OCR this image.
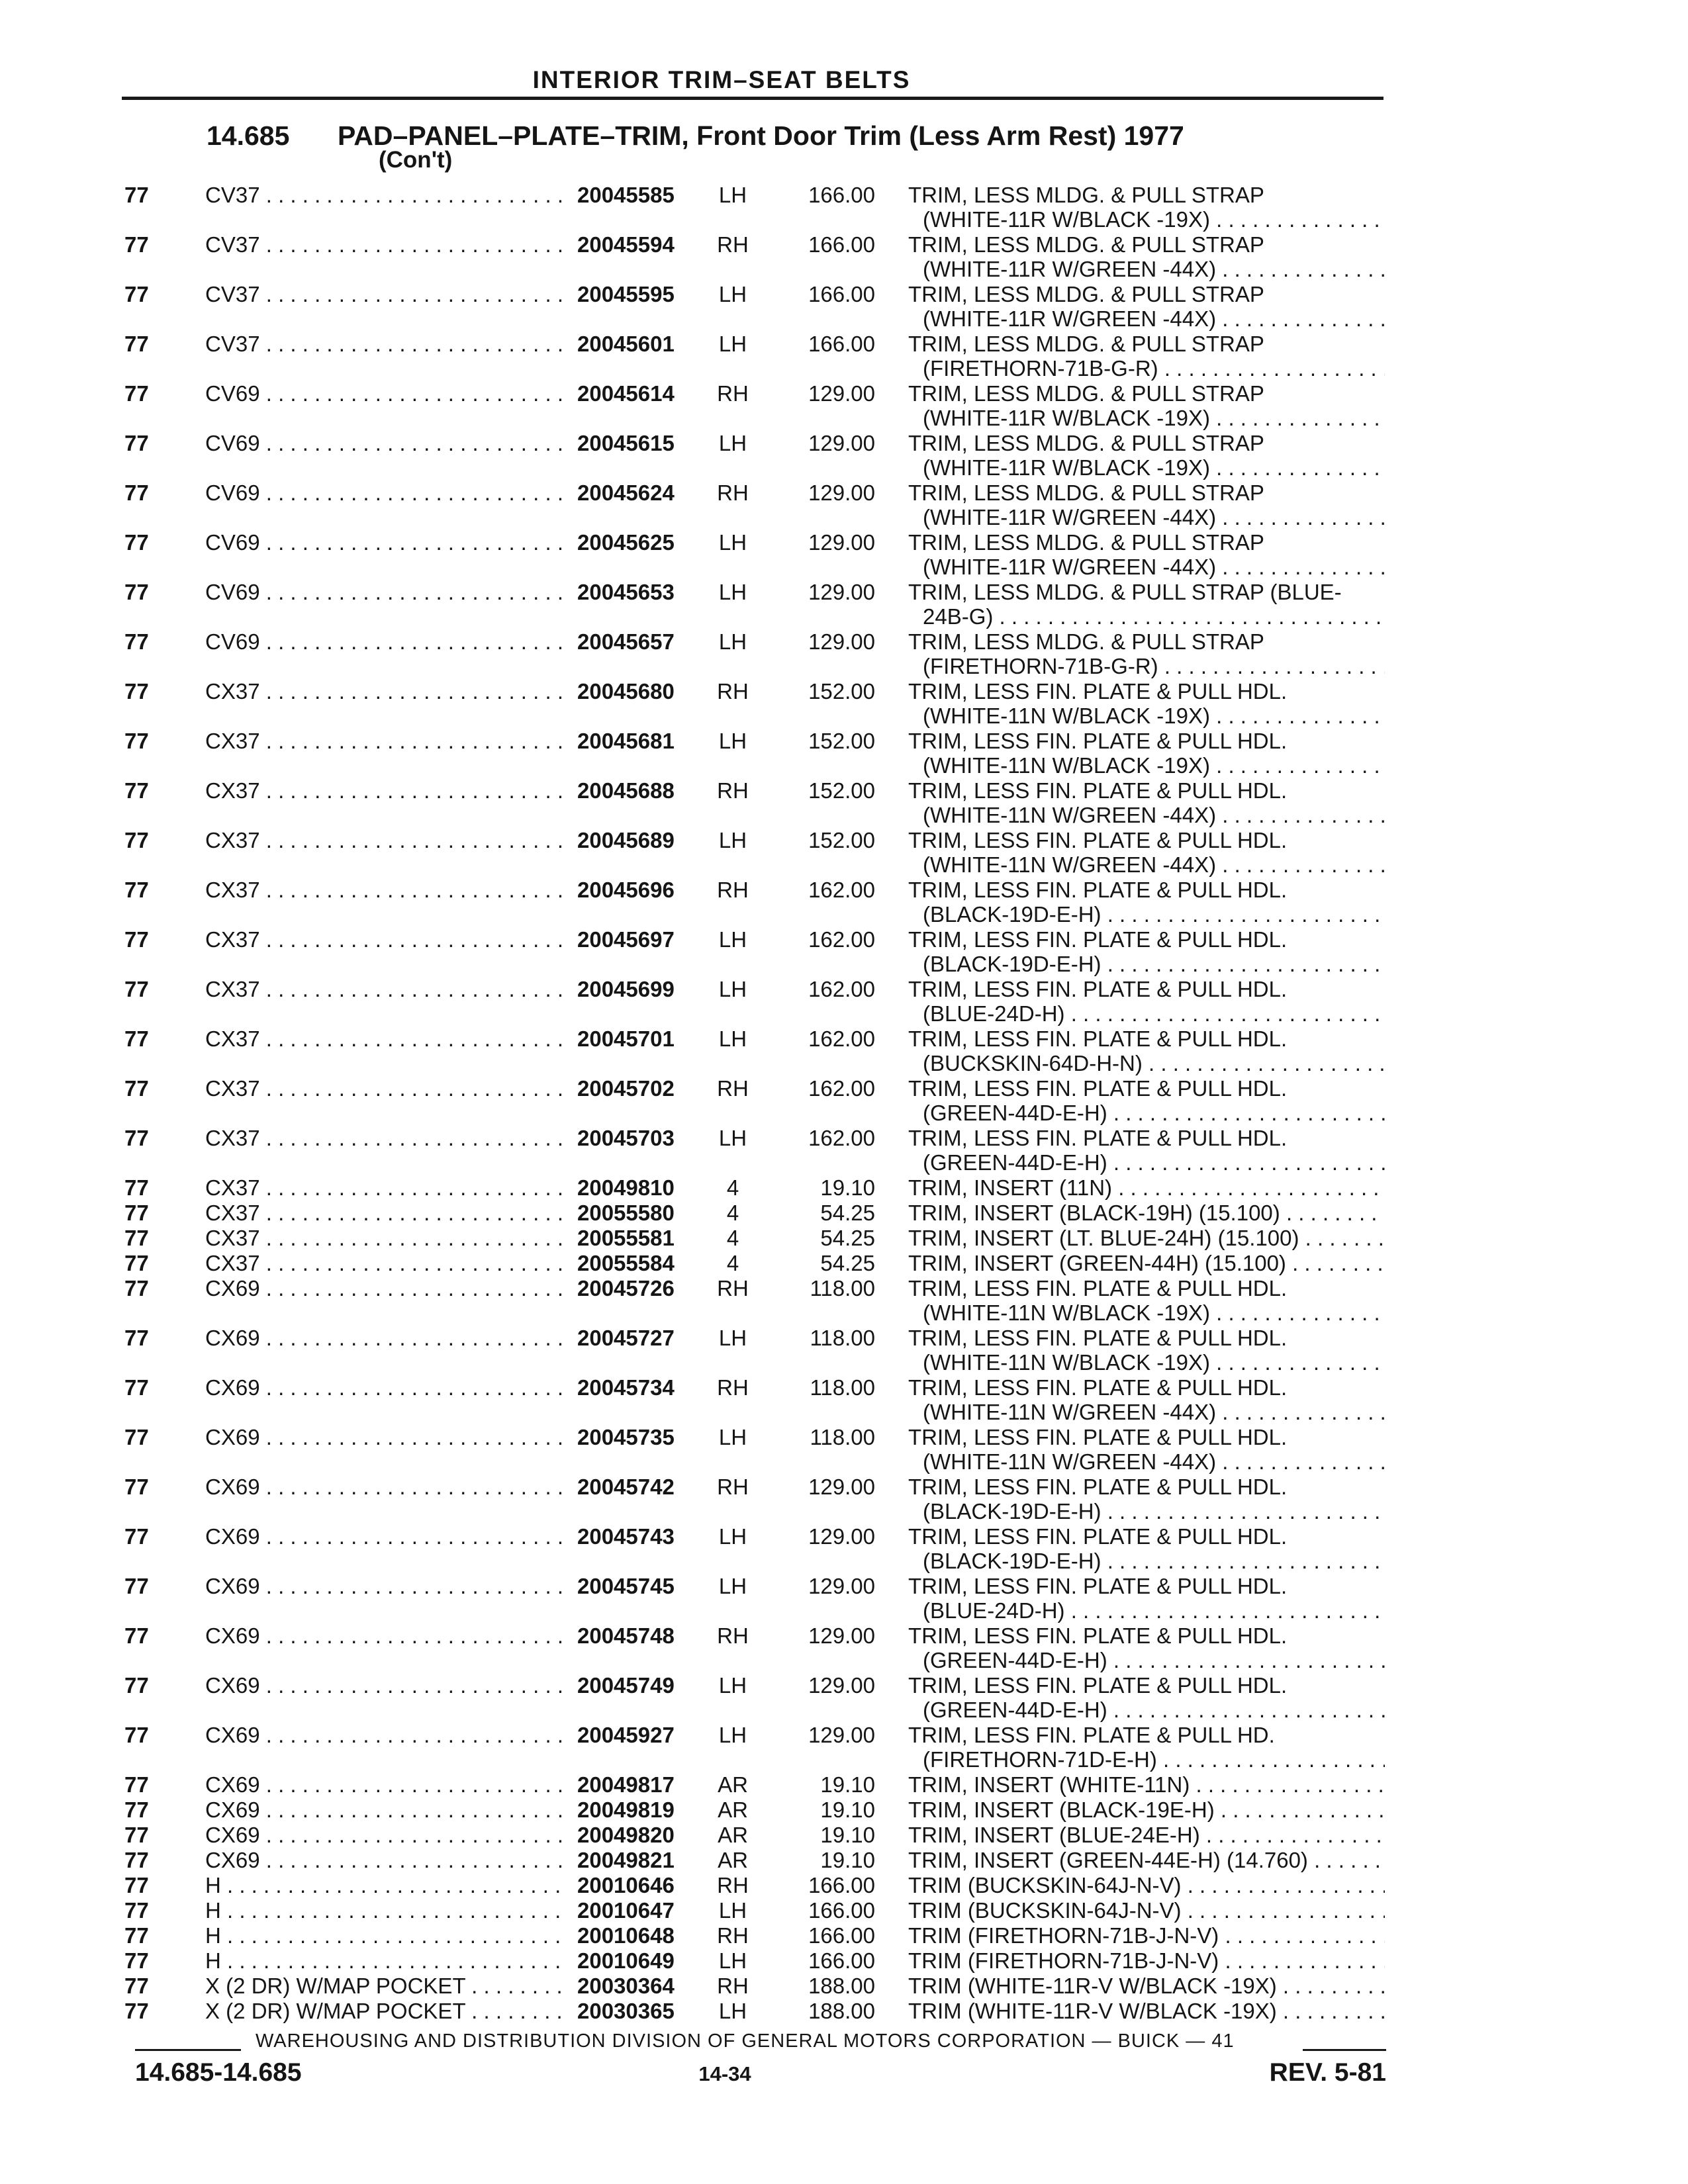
INTERIOR TRIM–SEAT BELTS
14.685 PAD–PANEL–PLATE–TRIM, Front Door Trim (Less Arm Rest) 1977
(Con't)
77	CV37 . . .	20045585	LH	166.00 TRIM, LESS MLDG. & PULL STRAP
(WHITE-11R W/BLACK -19X) . . .
77	CV37 . . .	20045594	RH	166.00 TRIM, LESS MLDG. & PULL STRAP
(WHITE-11R W/GREEN -44X) . . .
77	CV37 . . .	20045595	LH	166.00 TRIM, LESS MLDG. & PULL STRAP
(WHITE-11R W/GREEN -44X) . . .
77	CV37 . . .	20045601	LH	166.00 TRIM, LESS MLDG. & PULL STRAP
(FIRETHORN-71B-G-R) . . .
77	CV69 . . .	20045614	RH	129.00 TRIM, LESS MLDG. & PULL STRAP
(WHITE-11R W/BLACK -19X) . . .
77	CV69 . . .	20045615	LH	129.00 TRIM, LESS MLDG. & PULL STRAP
(WHITE-11R W/BLACK -19X) . . .
77	CV69 . . .	20045624	RH	129.00 TRIM, LESS MLDG. & PULL STRAP
(WHITE-11R W/GREEN -44X) . . .
77	CV69 . . .	20045625	LH	129.00 TRIM, LESS MLDG. & PULL STRAP
(WHITE-11R W/GREEN -44X) . . .
77	CV69 . . .	20045653	LH	129.00 TRIM, LESS MLDG. & PULL STRAP (BLUE-
24B-G) . . .
77	CV69 . . .	20045657	LH	129.00 TRIM, LESS MLDG. & PULL STRAP
(FIRETHORN-71B-G-R) . . .
77	CX37 . . .	20045680	RH	152.00 TRIM, LESS FIN. PLATE & PULL HDL.
(WHITE-11N W/BLACK -19X) . . .
77	CX37 . . .	20045681	LH	152.00 TRIM, LESS FIN. PLATE & PULL HDL.
(WHITE-11N W/BLACK -19X) . . .
77	CX37 . . .	20045688	RH	152.00 TRIM, LESS FIN. PLATE & PULL HDL.
(WHITE-11N W/GREEN -44X) . . .
77	CX37 . . .	20045689	LH	152.00 TRIM, LESS FIN. PLATE & PULL HDL.
(WHITE-11N W/GREEN -44X) . . .
77	CX37 . . .	20045696	RH	162.00 TRIM, LESS FIN. PLATE & PULL HDL.
(BLACK-19D-E-H) . . .
77	CX37 . . .	20045697	LH	162.00 TRIM, LESS FIN. PLATE & PULL HDL.
(BLACK-19D-E-H) . . .
77	CX37 . . .	20045699	LH	162.00 TRIM, LESS FIN. PLATE & PULL HDL.
(BLUE-24D-H) . . .
77	CX37 . . .	20045701	LH	162.00 TRIM, LESS FIN. PLATE & PULL HDL.
(BUCKSKIN-64D-H-N) . . .
77	CX37 . . .	20045702	RH	162.00 TRIM, LESS FIN. PLATE & PULL HDL.
(GREEN-44D-E-H) . . .
77	CX37 . . .	20045703	LH	162.00 TRIM, LESS FIN. PLATE & PULL HDL.
(GREEN-44D-E-H) . . .
77	CX37 . . .	20049810	4	19.10 TRIM, INSERT (11N) . . .
77	CX37 . . .	20055580	4	54.25 TRIM, INSERT (BLACK-19H) (15.100) . . .
77	CX37 . . .	20055581	4	54.25 TRIM, INSERT (LT. BLUE-24H) (15.100) . . .
77	CX37 . . .	20055584	4	54.25 TRIM, INSERT (GREEN-44H) (15.100) . . .
77	CX69 . . .	20045726	RH	118.00 TRIM, LESS FIN. PLATE & PULL HDL.
(WHITE-11N W/BLACK -19X) . . .
77	CX69 . . .	20045727	LH	118.00 TRIM, LESS FIN. PLATE & PULL HDL.
(WHITE-11N W/BLACK -19X) . . .
77	CX69 . . .	20045734	RH	118.00 TRIM, LESS FIN. PLATE & PULL HDL.
(WHITE-11N W/GREEN -44X) . . .
77	CX69 . . .	20045735	LH	118.00 TRIM, LESS FIN. PLATE & PULL HDL.
(WHITE-11N W/GREEN -44X) . . .
77	CX69 . . .	20045742	RH	129.00 TRIM, LESS FIN. PLATE & PULL HDL.
(BLACK-19D-E-H) . . .
77	CX69 . . .	20045743	LH	129.00 TRIM, LESS FIN. PLATE & PULL HDL.
(BLACK-19D-E-H) . . .
77	CX69 . . .	20045745	LH	129.00 TRIM, LESS FIN. PLATE & PULL HDL.
(BLUE-24D-H) . . .
77	CX69 . . .	20045748	RH	129.00 TRIM, LESS FIN. PLATE & PULL HDL.
(GREEN-44D-E-H) . . .
77	CX69 . . .	20045749	LH	129.00 TRIM, LESS FIN. PLATE & PULL HDL.
(GREEN-44D-E-H) . . .
77	CX69 . . .	20045927	LH	129.00 TRIM, LESS FIN. PLATE & PULL HD.
(FIRETHORN-71D-E-H) . . .
77	CX69 . . .	20049817	AR	19.10 TRIM, INSERT (WHITE-11N) . . .
77	CX69 . . .	20049819	AR	19.10 TRIM, INSERT (BLACK-19E-H) . . .
77	CX69 . . .	20049820	AR	19.10 TRIM, INSERT (BLUE-24E-H) . . .
77	CX69 . . .	20049821	AR	19.10 TRIM, INSERT (GREEN-44E-H) (14.760) . . .
77	H . . .	20010646	RH	166.00 TRIM (BUCKSKIN-64J-N-V) . . .
77	H . . .	20010647	LH	166.00 TRIM (BUCKSKIN-64J-N-V) . . .
77	H . . .	20010648	RH	166.00 TRIM (FIRETHORN-71B-J-N-V) . . .
77	H . . .	20010649	LH	166.00 TRIM (FIRETHORN-71B-J-N-V) . . .
77	X (2 DR) W/MAP POCKET . . .	20030364	RH	188.00 TRIM (WHITE-11R-V W/BLACK -19X) . . .
77	X (2 DR) W/MAP POCKET . . .	20030365	LH	188.00 TRIM (WHITE-11R-V W/BLACK -19X) . . .
WAREHOUSING AND DISTRIBUTION DIVISION OF GENERAL MOTORS CORPORATION — BUICK — 41
14.685-14.685	14-34	REV. 5-81
